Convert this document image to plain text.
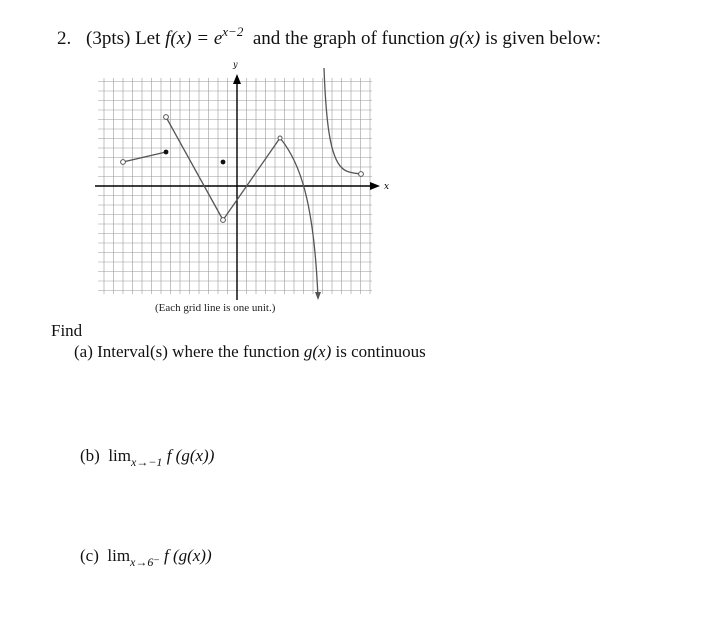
2. (3pts) Let $f(x) = e^{x-2}$ and the graph of function g(x) is given below:
x
y
(Each grid line is one unit.)
Find
(a) Interval(s) where the function g(x) is continuous
(b) $\lim_{x\to-1} f$ (g(x))
(c) $\lim_{x\to 6^-} f$ (g(x))
